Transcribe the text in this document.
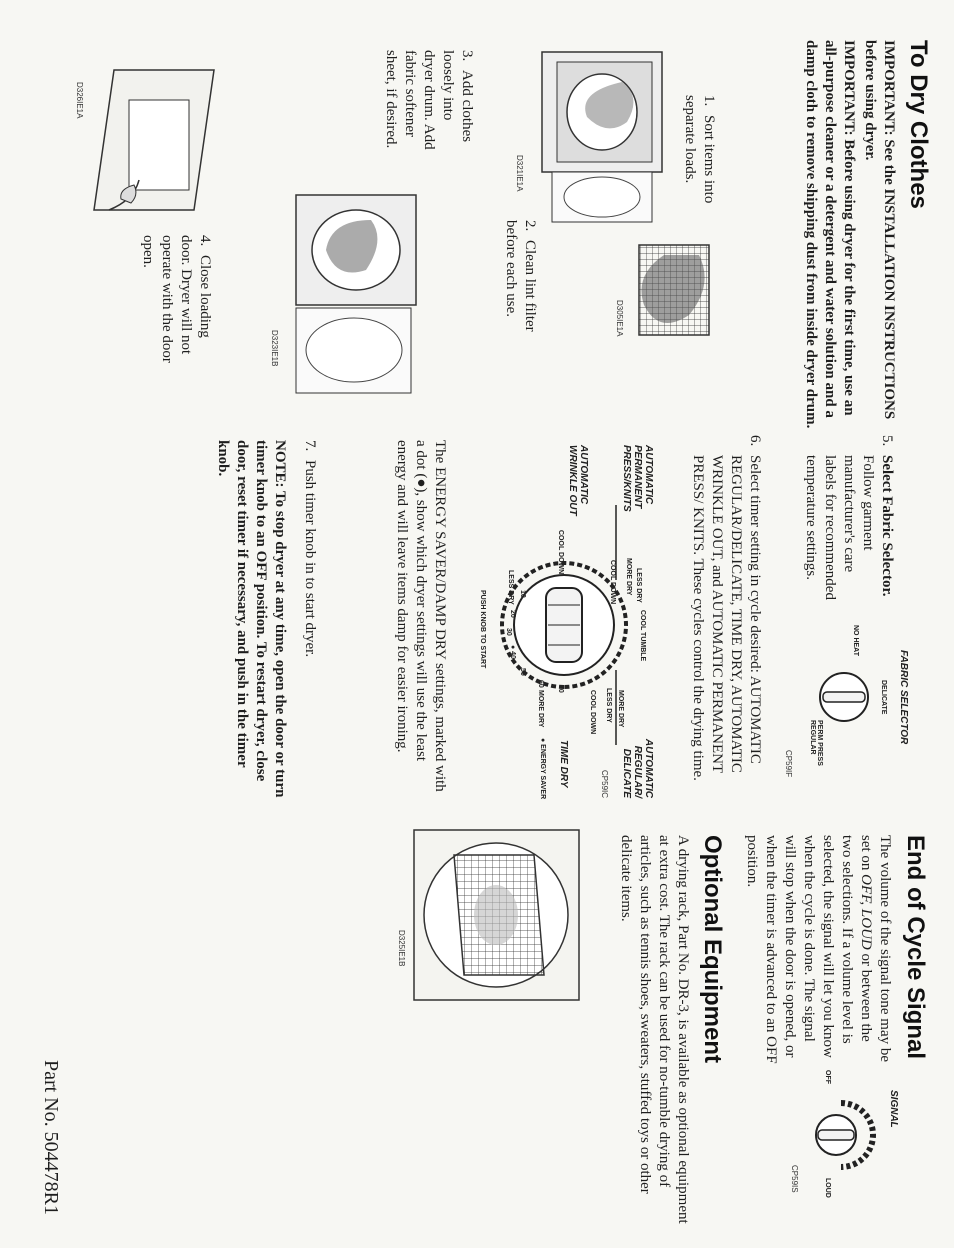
To Dry Clothes

IMPORTANT: See the INSTALLATION INSTRUCTIONS before using dryer.

IMPORTANT: Before using dryer for the first time, use an all-purpose cleaner or a detergent and water solution and a damp cloth to remove shipping dust from inside dryer drum.

1.Sort items into separate loads.
D321IE1A
D305IE1A
2.Clean lint filter before each use.
3.Add clothes loosely into dryer drum. Add fabric softener sheet, if desired.
D323IE1B
4.Close loading door. Dryer will not operate with the door open.
D326IE1A
5.Select Fabric Selector.

Follow garment manufacturer's care labels for recommended temperature settings.
FABRIC SELECTOR
DELICATE
NO HEAT
PERM PRESS REGULAR
CP59IF
6.
Select timer setting in cycle desired: AUTOMATIC REGULAR/DELICATE, TIME DRY, AUTOMATIC WRINKLE OUT, and AUTOMATIC PERMANENT PRESS/ KNITS. These cycles control the drying time.
AUTOMATIC PERMANENT PRESS/KNITS
AUTOMATIC WRINKLE OUT
AUTOMATIC REGULAR/ DELICATE
TIME DRY
● ENERGY SAVER	CP59IC
LESS DRY
MORE DRY
COOL DOWN
COOL TUMBLE
MORE DRY
LESS DRY
COOL DOWN
COOL DOWN
LESS DRY
MORE DRY
PUSH KNOB TO START	10
20
30
● 40
50
60
70

The ENERGY SAVER/DAMP DRY settings, marked with a dot (●), show which dryer settings will use the least energy and will leave items damp for easier ironing.

7.Push timer knob in to start dryer.

NOTE: To stop dryer at any time, open the door or turn timer knob to an OFF position. To restart dryer, close door, reset timer if necessary, and push in the timer knob.

End of Cycle Signal
SIGNAL
OFF
LOUD
CP59IS

The volume of the signal tone may be set on OFF, LOUD or between the two selections. If a volume level is selected, the signal will let you know when the cycle is done. The signal will stop when the door is opened, or when the timer is advanced to an OFF position.

Optional Equipment

A drying rack, Part No. DR-3, is available as optional equipment at extra cost. The rack can be used for no-tumble drying of articles, such as tennis shoes, sweaters, stuffed toys or other delicate items.

D325IE1B
Part No. 504478R1
